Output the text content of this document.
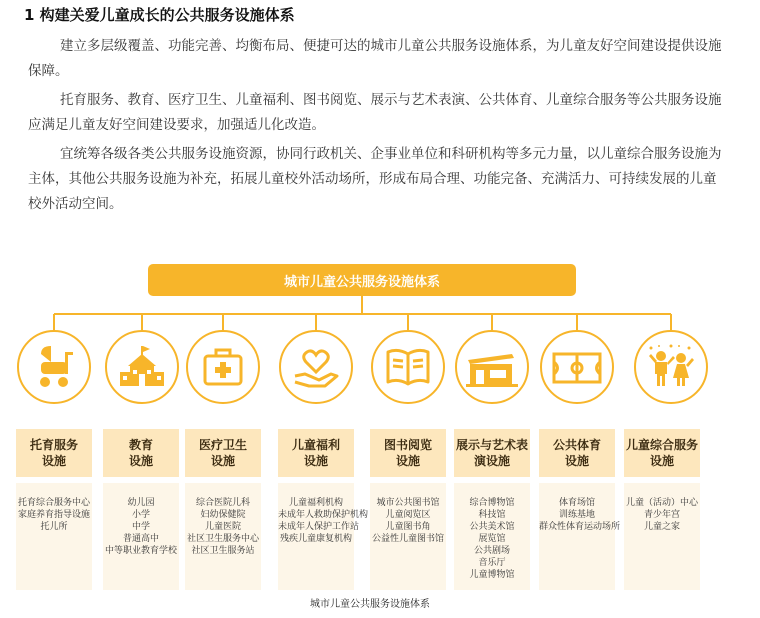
1 构建关爱儿童成长的公共服务设施体系

建立多层级覆盖、功能完善、均衡布局、便捷可达的城市儿童公共服务设施体系，为儿童友好空间建设提供设施保障。

托育服务、教育、医疗卫生、儿童福利、图书阅览、展示与艺术表演、公共体育、儿童综合服务等公共服务设施应满足儿童友好空间建设要求，加强适儿化改造。

宜统筹各级各类公共服务设施资源，协同行政机关、企事业单位和科研机构等多元力量，以儿童综合服务设施为主体，其他公共服务设施为补充，拓展儿童校外活动场所，形成布局合理、功能完备、充满活力、可持续发展的儿童校外活动空间。

城市儿童公共服务设施体系
托育服务
设施
教育
设施
医疗卫生
设施
儿童福利
设施
图书阅览
设施
展示与艺术表
演设施
公共体育
设施
儿童综合服务
设施
托育综合服务中心
家庭养育指导设施
托儿所
幼儿园
小学
中学
普通高中
中等职业教育学校
综合医院儿科
妇幼保健院
儿童医院
社区卫生服务中心
社区卫生服务站
儿童福利机构
未成年人救助保护机构
未成年人保护工作站
残疾儿童康复机构
城市公共图书馆
儿童阅览区
儿童图书角
公益性儿童图书馆
综合博物馆
科技馆
公共美术馆
展览馆
公共剧场
音乐厅
儿童博物馆
体育场馆
训练基地
群众性体育运动场所
儿童（活动）中心
青少年宫
儿童之家
城市儿童公共服务设施体系
